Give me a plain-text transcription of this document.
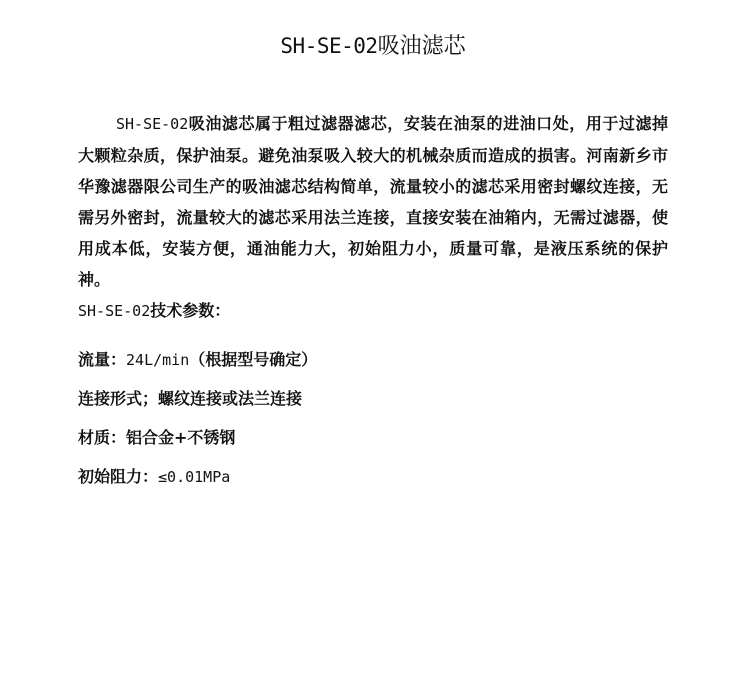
SH-SE-02吸油滤芯

SH-SE-02吸油滤芯属于粗过滤器滤芯，安装在油泵的进油口处，用于过滤掉大颗粒杂质，保护油泵。避免油泵吸入较大的机械杂质而造成的损害。河南新乡市华豫滤器限公司生产的吸油滤芯结构简单，流量较小的滤芯采用密封螺纹连接，无需另外密封，流量较大的滤芯采用法兰连接，直接安装在油箱内，无需过滤器，使用成本低，安装方便，通油能力大，初始阻力小，质量可靠，是液压系统的保护神。
SH-SE-02技术参数：

流量：24L/min（根据型号确定）
连接形式；螺纹连接或法兰连接
材质：铝合金+不锈钢
初始阻力：≤0.01MPa
